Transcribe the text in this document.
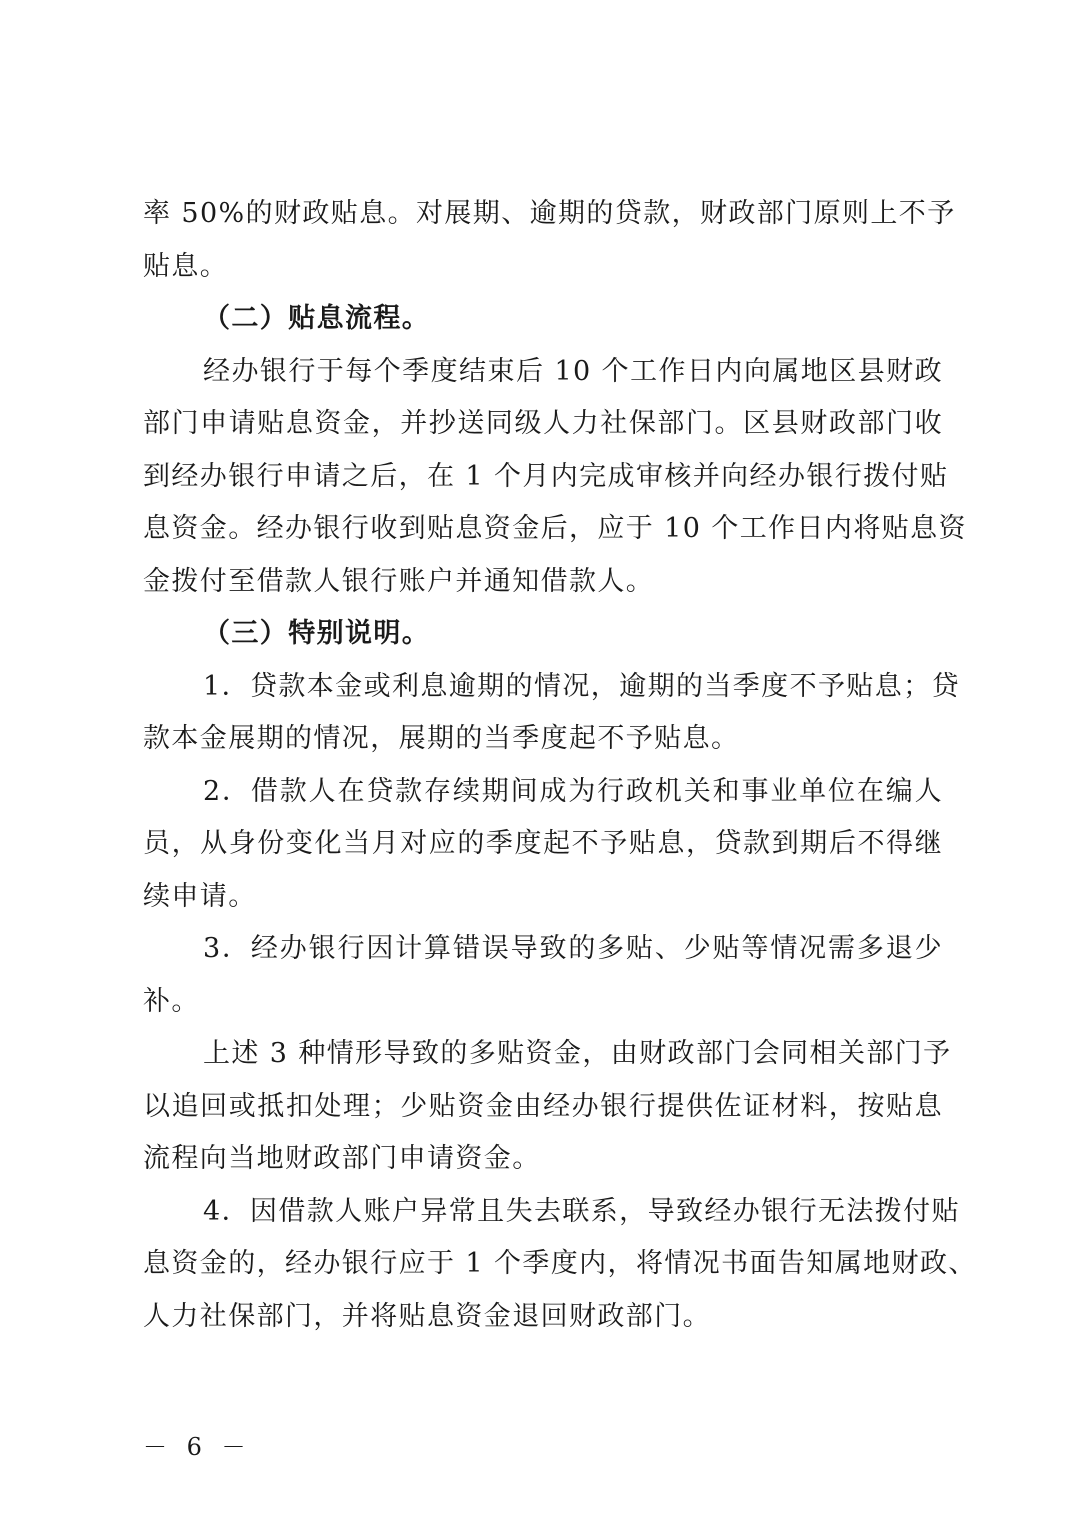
率 50%的财政贴息。对展期、逾期的贷款，财政部门原则上不予
贴息。
（二）贴息流程。
经办银行于每个季度结束后 10 个工作日内向属地区县财政
部门申请贴息资金，并抄送同级人力社保部门。区县财政部门收
到经办银行申请之后，在 1 个月内完成审核并向经办银行拨付贴
息资金。经办银行收到贴息资金后，应于 10 个工作日内将贴息资
金拨付至借款人银行账户并通知借款人。
（三）特别说明。
1．贷款本金或利息逾期的情况，逾期的当季度不予贴息；贷
款本金展期的情况，展期的当季度起不予贴息。
2．借款人在贷款存续期间成为行政机关和事业单位在编人
员，从身份变化当月对应的季度起不予贴息，贷款到期后不得继
续申请。
3．经办银行因计算错误导致的多贴、少贴等情况需多退少
补。
上述 3 种情形导致的多贴资金，由财政部门会同相关部门予
以追回或抵扣处理；少贴资金由经办银行提供佐证材料，按贴息
流程向当地财政部门申请资金。
4．因借款人账户异常且失去联系，导致经办银行无法拨付贴
息资金的，经办银行应于 1 个季度内，将情况书面告知属地财政、
人力社保部门，并将贴息资金退回财政部门。
－ 6 －
